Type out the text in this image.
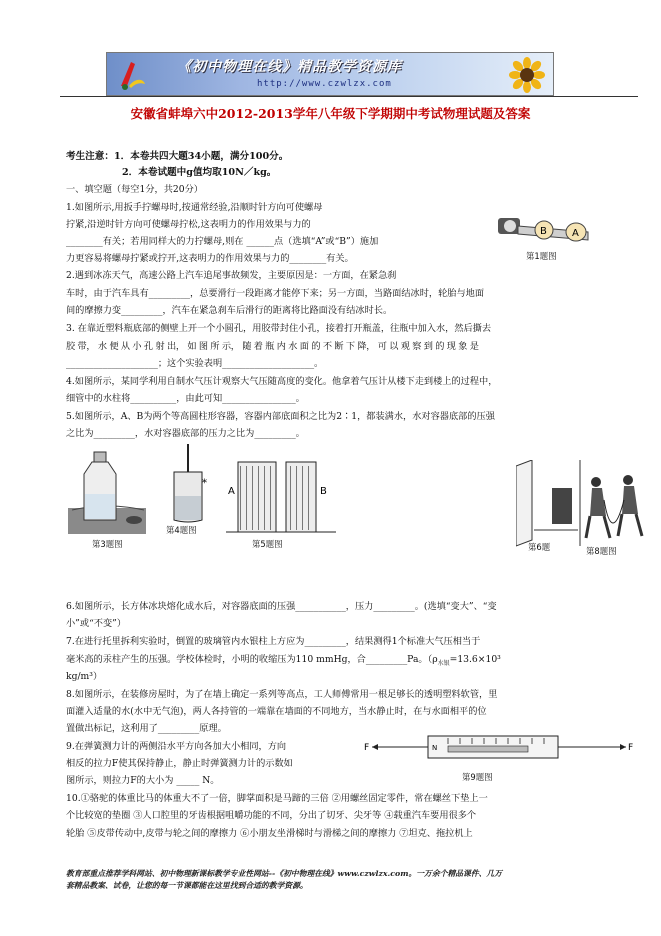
《初中物理在线》精品教学资源库
http://www.czwlzx.com
安徽省蚌埠六中2012-2013学年八年级下学期期中考试物理试题及答案
考生注意：1．本卷共四大题34小题，满分100分。
2．本卷试题中g值均取10N／kg。
一、填空题（每空1分，共20分）
1.如图所示,用扳手拧螺母时,按通常经验,沿顺时针方向可使螺母
拧紧,沿逆时针方向可使螺母拧松,这表明力的作用效果与力的
________有关；若用同样大的力拧螺母,则在 ______点（选填“A”或“B”）施加
力更容易将螺母拧紧或拧开,这表明力的作用效果与力的________有关。
B	A
第1题图
2.遇到冰冻天气，高速公路上汽车追尾事故频发，主要原因是：一方面，在紧急刹
车时，由于汽车具有_________，总要滑行一段距离才能停下来；另一方面，当路面结冰时，轮胎与地面
间的摩擦力变_________，汽车在紧急刹车后滑行的距离将比路面没有结冰时长。
3. 在靠近塑料瓶底部的侧壁上开一个小圆孔，用胶带封住小孔，接着打开瓶盖，往瓶中加入水，然后撕去
胶 带， 水 便 从 小 孔 射 出， 如 图 所 示， 随 着 瓶 内 水 面 的 不 断 下 降， 可 以 观 察 到 的 现 象 是
____________________；这个实验表明____________________。
4.如图所示，某同学利用自制水气压计观察大气压随高度的变化。他拿着气压计从楼下走到楼上的过程中，
细管中的水柱将__________，由此可知________________。
5.如图所示，A、B为两个等高圆柱形容器，容器内部底面积之比为2∶1，都装满水，水对容器底部的压强
之比为_________，水对容器底部的压力之比为_________。
第3题图
*
第4题图
A	B
第5题图	第6题	第8题图
6.如图所示，长方体冰块熔化成水后，对容器底面的压强___________，压力_________。(选填“变大”、“变
小”或“不变”）
7.在进行托里拆利实验时，倒置的玻璃管内水银柱上方应为_________，结果测得1个标准大气压相当于
毫米高的汞柱产生的压强。学校体检时，小明的收缩压为110 mmHg，合_________Pa。（$\rho_{水银}=13.6\times 10^3$
kg/m³）
8.如图所示，在装修房屋时，为了在墙上确定一系列等高点，工人师傅常用一根足够长的透明塑料软管，里
面灌入适量的水(水中无气泡)，两人各持管的一端靠在墙面的不同地方，当水静止时，在与水面相平的位
置做出标记，这利用了_________原理。
9.在弹簧测力计的两侧沿水平方向各加大小相同，方向
相反的拉力F使其保持静止，静止时弹簧测力计的示数如
图所示，则拉力F的大小为 _____ N。
F	N	F
第9题图
10.①骆驼的体重比马的体重大不了一倍，脚掌面积是马蹄的三倍 ②用螺丝固定零件，常在螺丝下垫上一
个比较宽的垫圈 ③人口腔里的牙齿根据咀嚼功能的不同，分出了切牙、尖牙等 ④载重汽车要用很多个
轮胎 ⑤皮带传动中,皮带与轮之间的摩擦力 ⑥小朋友坐滑梯时与滑梯之间的摩擦力 ⑦坦克、拖拉机上
教育部重点推荐学科网站、初中物理新课标教学专业性网站--《初中物理在线》www.czwlzx.com。一万余个精品课件、几万
套精品教案、试卷，让您的每一节课都能在这里找到合适的教学资源。
